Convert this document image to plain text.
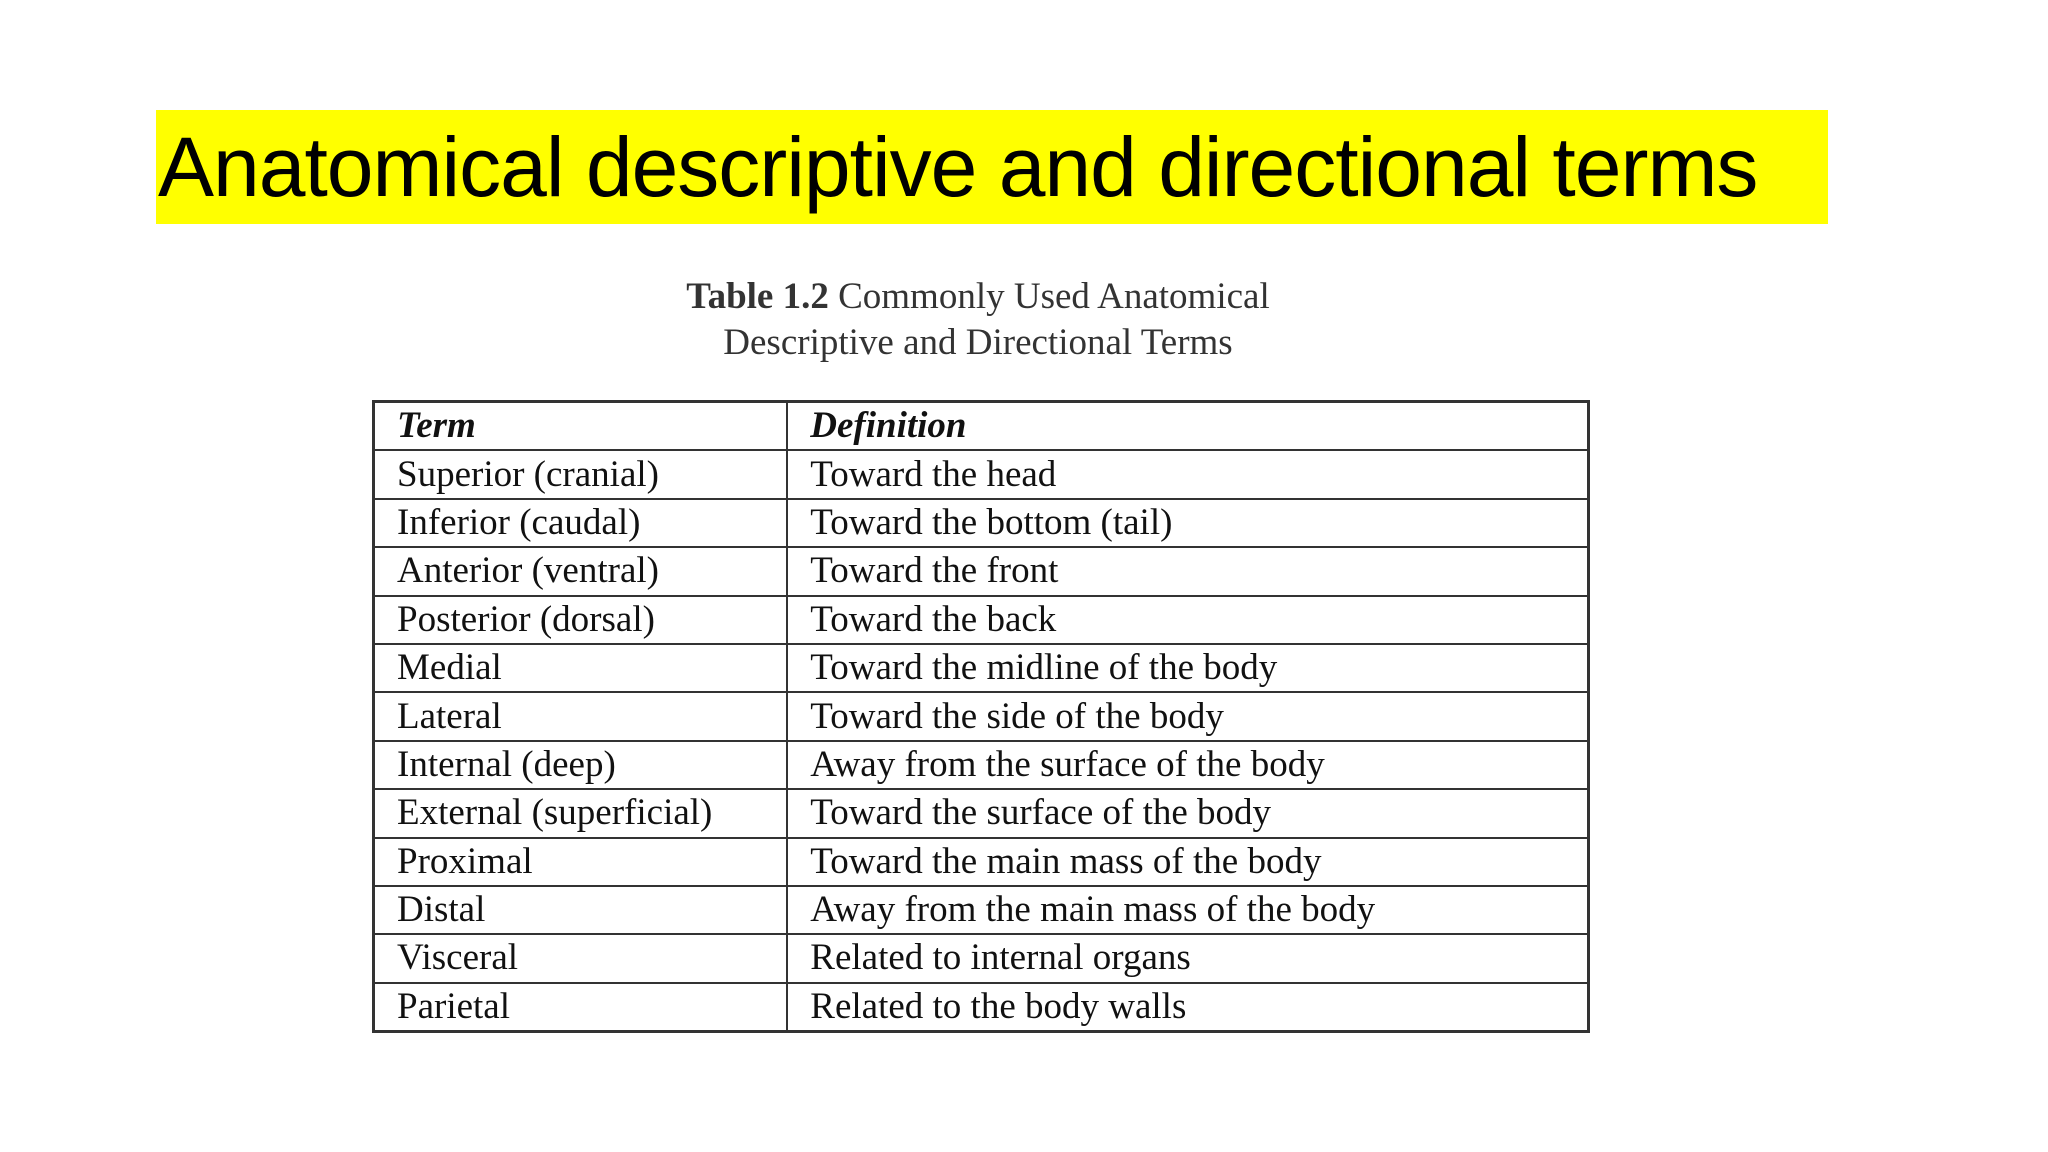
Anatomical descriptive and directional terms
Table 1.2 Commonly Used Anatomical
Descriptive and Directional Terms
Term	Definition
Superior (cranial)	Toward the head
Inferior (caudal)	Toward the bottom (tail)
Anterior (ventral)	Toward the front
Posterior (dorsal)	Toward the back
Medial	Toward the midline of the body
Lateral	Toward the side of the body
Internal (deep)	Away from the surface of the body
External (superficial)	Toward the surface of the body
Proximal	Toward the main mass of the body
Distal	Away from the main mass of the body
Visceral	Related to internal organs
Parietal	Related to the body walls
